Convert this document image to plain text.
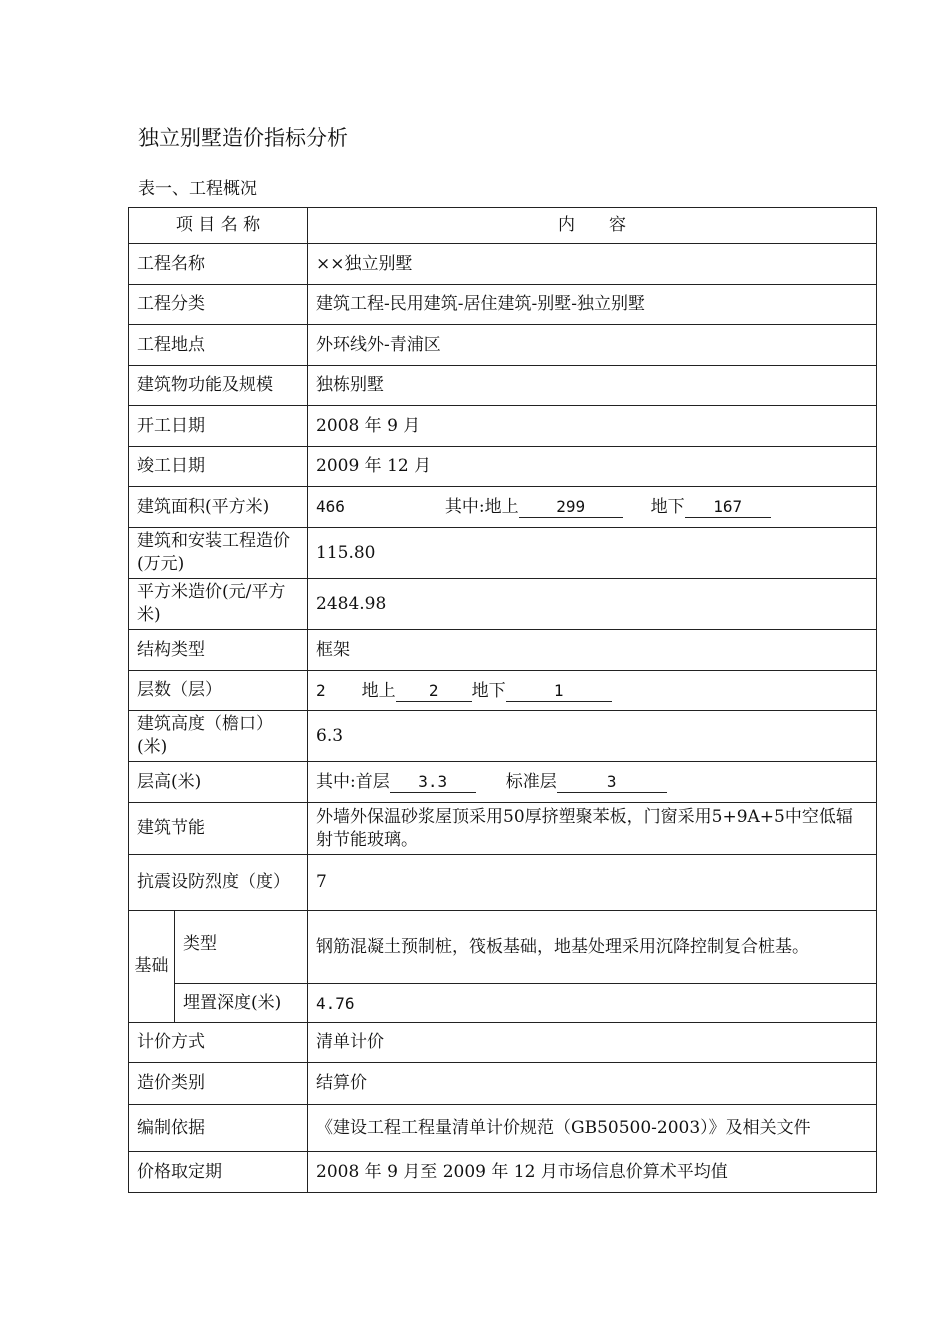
独立别墅造价指标分析
表一、工程概况
项 目 名 称		内　　容
工程名称		××独立别墅
工程分类		建筑工程-民用建筑-居住建筑-别墅-独立别墅
工程地点		外环线外-青浦区
建筑物功能及规模		独栋别墅
开工日期		2008 年 9 月
竣工日期		2009 年 12 月
建筑面积(平方米)		466 其中:地上 299 地下 167
建筑和安装工程造价(万元)		115.80
平方米造价(元/平方米)		2484.98
结构类型		框架
层数（层）		2 地上 2 地下 1
建筑高度（檐口）(米)		6.3
层高(米)		其中:首层 3.3 标准层 3
建筑节能		外墙外保温砂浆屋顶采用50厚挤塑聚苯板，门窗采用5+9A+5中空低辐射节能玻璃。
抗震设防烈度（度）		7
基础	类型	钢筋混凝土预制桩，筏板基础，地基处理采用沉降控制复合桩基。
	埋置深度(米)	4.76
计价方式		清单计价
造价类别		结算价
编制依据		《建设工程工程量清单计价规范（GB50500-2003）》及相关文件
价格取定期		2008 年 9 月至 2009 年 12 月市场信息价算术平均值
